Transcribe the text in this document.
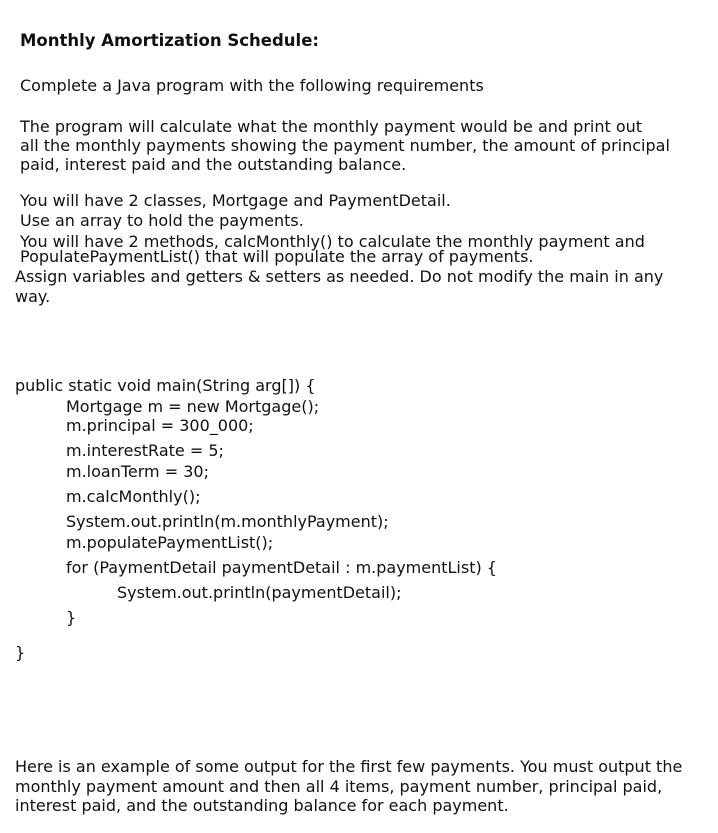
Monthly Amortization Schedule:
Complete a Java program with the following requirements
The program will calculate what the monthly payment would be and print out
all the monthly payments showing the payment number, the amount of principal
paid, interest paid and the outstanding balance.
You will have 2 classes, Mortgage and PaymentDetail.
Use an array to hold the payments.
You will have 2 methods, calcMonthly() to calculate the monthly payment and
PopulatePaymentList() that will populate the array of payments.
Assign variables and getters & setters as needed. Do not modify the main in any
way.
public static void main(String arg[]) {
Mortgage m = new Mortgage();
m.principal = 300_000;
m.interestRate = 5;
m.loanTerm = 30;
m.calcMonthly();
System.out.println(m.monthlyPayment);
m.populatePaymentList();
for (PaymentDetail paymentDetail : m.paymentList) {
System.out.println(paymentDetail);
}
}
Here is an example of some output for the first few payments. You must output the
monthly payment amount and then all 4 items, payment number, principal paid,
interest paid, and the outstanding balance for each payment.
